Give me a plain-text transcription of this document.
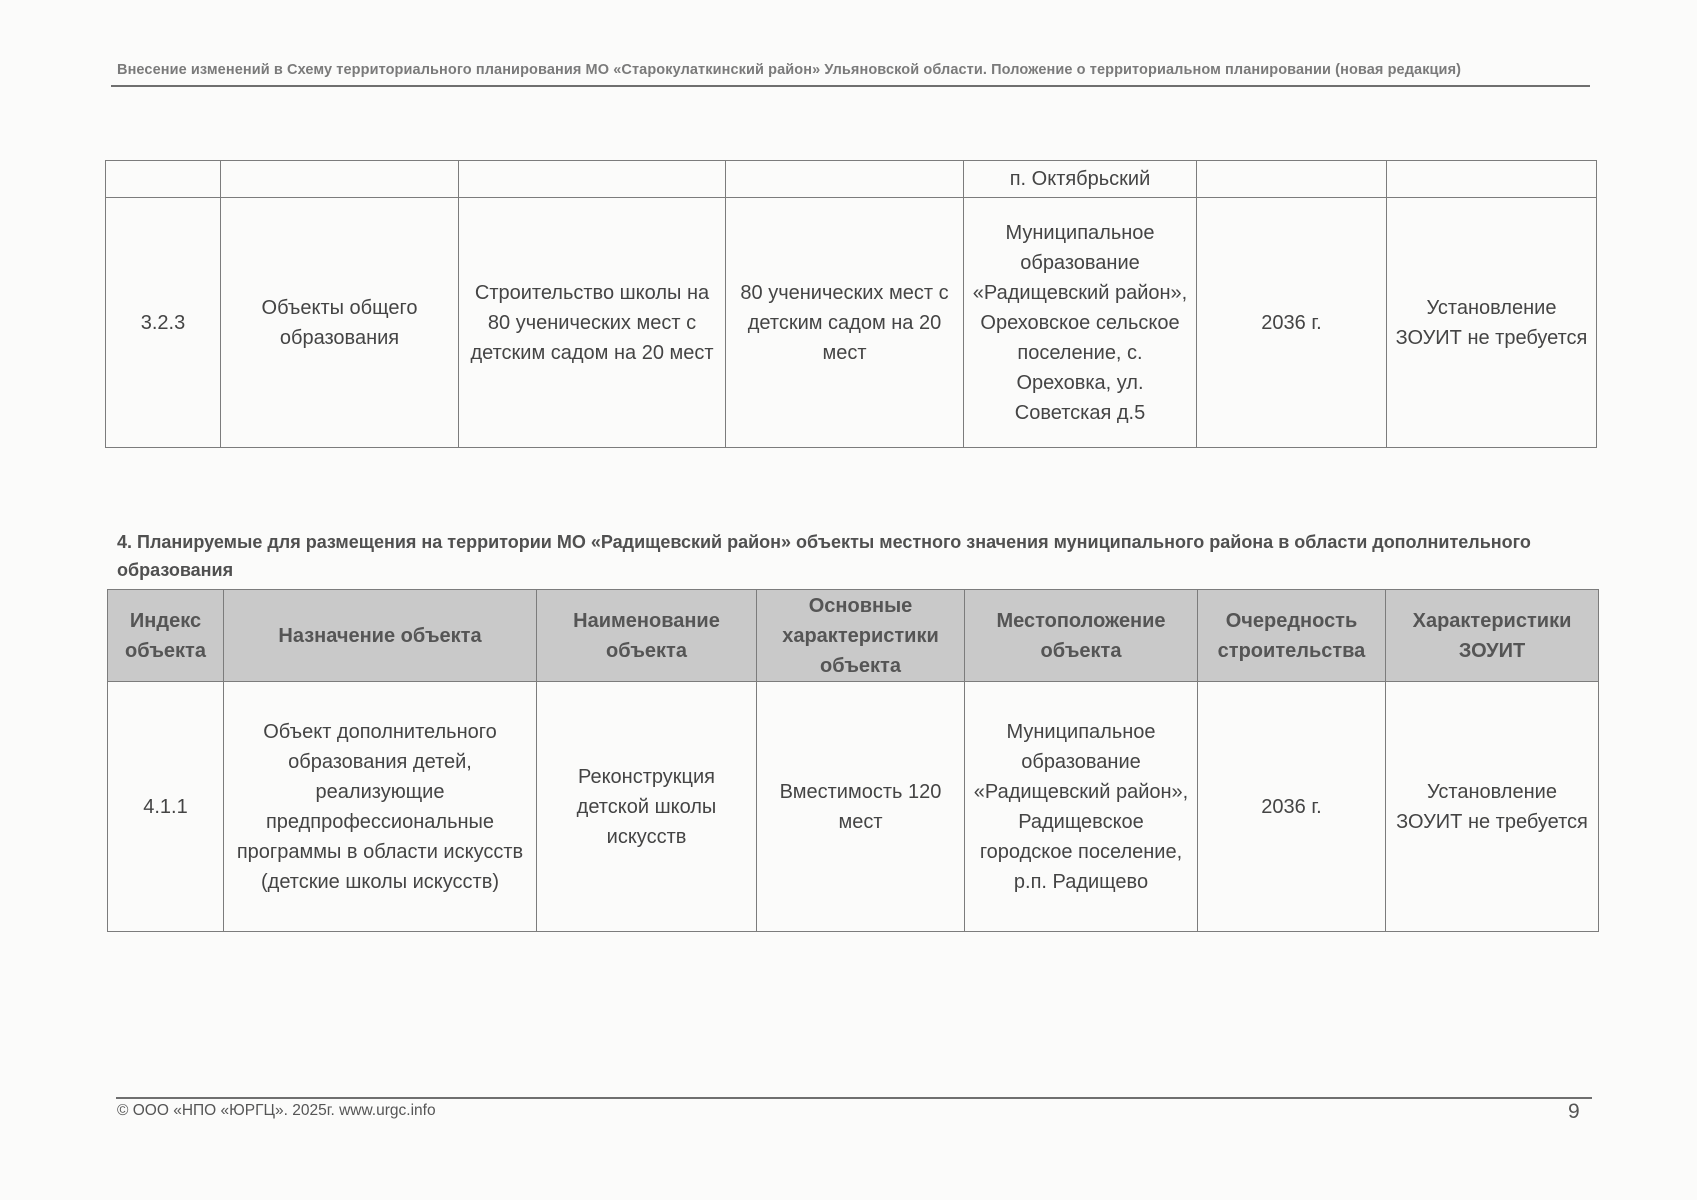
Внесение изменений в Схему территориального планирования МО «Старокулаткинский район» Ульяновской области. Положение о территориальном планировании (новая редакция)
				п. Октябрьский		
3.2.3	Объекты общего образования	Строительство школы на 80 ученических мест с детским садом на 20 мест	80 ученических мест с детским садом на 20 мест	Муниципальное образование «Радищевский район», Ореховское сельское поселение, с. Ореховка, ул. Советская д.5	2036 г.	Установление ЗОУИТ не требуется
4. Планируемые для размещения на территории МО «Радищевский район» объекты местного значения муниципального района в области дополнительного образования
Индекс объекта	Назначение объекта	Наименование объекта	Основные характеристики объекта	Местоположение объекта	Очередность строительства	Характеристики ЗОУИТ
4.1.1	Объект дополнительного образования детей, реализующие предпрофессиональные программы в области искусств (детские школы искусств)	Реконструкция детской школы искусств	Вместимость 120 мест	Муниципальное образование «Радищевский район», Радищевское городское поселение, р.п. Радищево	2036 г.	Установление ЗОУИТ не требуется
© ООО «НПО «ЮРГЦ». 2025г. www.urgc.info	9
